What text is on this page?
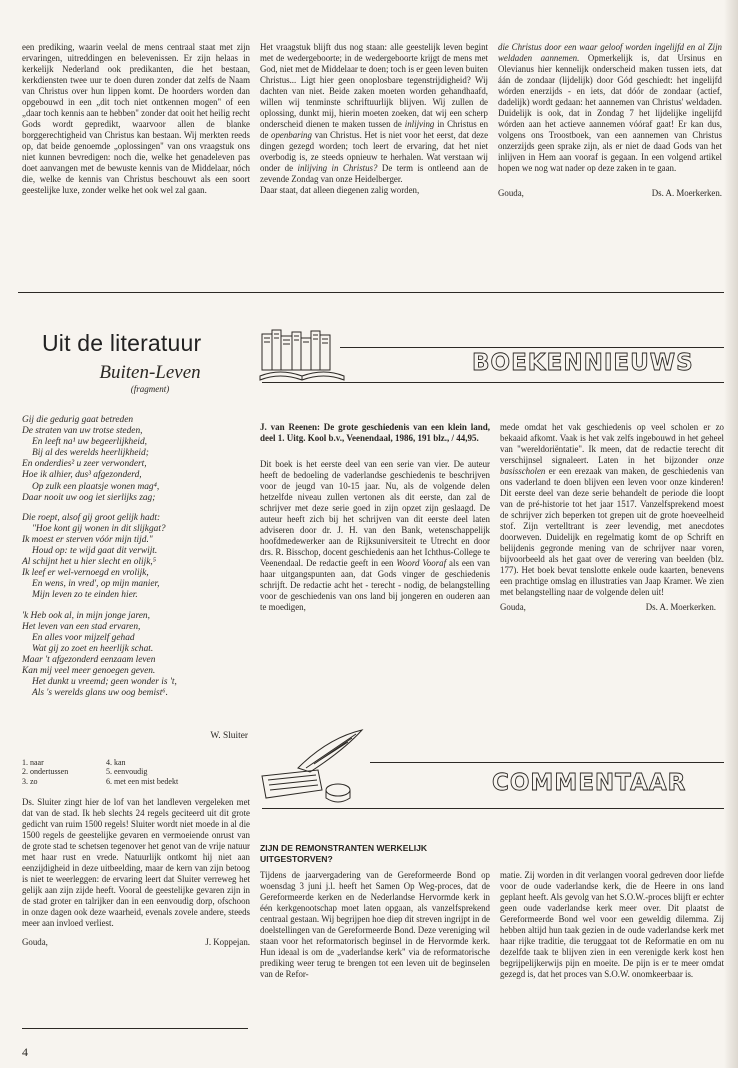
een prediking, waarin veelal de mens centraal staat met zijn ervaringen, uitreddingen en belevenissen. Er zijn helaas in kerkelijk Nederland ook predikanten, die het bestaan, kerkdiensten twee uur te doen duren zonder dat zelfs de Naam van Christus over hun lippen komt. De hoorders worden dan opgebouwd in een „dit toch niet ontkennen mogen" of een „daar toch kennis aan te hebben" zonder dat ooit het heilig recht Gods wordt gepredikt, waarvoor allen de blanke borggerechtigheid van Christus kan bestaan. Wij merkten reeds op, dat beide genoemde „oplossingen" van ons vraagstuk ons niet kunnen bevredigen: noch die, welke het genadeleven pas doet aanvangen met de bewuste kennis van de Middelaar, nóch die, welke de kennis van Christus beschouwt als een soort geestelijke luxe, zonder welke het ook wel zal gaan.

Het vraagstuk blijft dus nog staan: alle geestelijk leven begint met de wedergeboorte; in de wedergeboorte krijgt de mens met God, niet met de Middelaar te doen; toch is er geen leven buiten Christus... Ligt hier geen onoplosbare tegenstrijdigheid? Wij dachten van niet. Beide zaken moeten worden gehandhaafd, willen wij tenminste schriftuurlijk blijven. Wij zullen de oplossing, dunkt mij, hierin moeten zoeken, dat wij een scherp onderscheid dienen te maken tussen de inlijving in Christus en de openbaring van Christus. Het is niet voor het eerst, dat deze dingen gezegd worden; toch leert de ervaring, dat het niet overbodig is, ze steeds opnieuw te herhalen. Wat verstaan wij onder de inlijving in Christus? De term is ontleend aan de zevende Zondag van onze Heidelberger.

Daar staat, dat alleen diegenen zalig worden,

die Christus door een waar geloof worden ingelijfd en al Zijn weldaden aannemen. Opmerkelijk is, dat Ursinus en Olevianus hier kennelijk onderscheid maken tussen iets, dat áán de zondaar (lijdelijk) door Gód geschiedt: het ingelijfd wórden enerzijds - en iets, dat dóór de zondaar (actief, dadelijk) wordt gedaan: het aannemen van Christus' weldaden. Duidelijk is ook, dat in Zondag 7 het lijdelijke ingelijfd wórden aan het actieve aannemen vóóraf gaat! Er kan dus, volgens ons Troostboek, van een aannemen van Christus onzerzijds geen sprake zijn, als er niet de daad Gods van het inlijven in Hem aan vooraf is gegaan. In een volgend artikel hopen we nog wat nader op deze zaken in te gaan.

Gouda,	Ds. A. Moerkerken.
Uit de literatuur
Buiten-Leven
(fragment)
Gij die gedurig gaat betreden
De straten van uw trotse steden,
En leeft na¹ uw begeerlijkheid,
Bij al des werelds heerlijkheid;
En onderdies² u zeer verwondert,
Hoe ik alhier, dus³ afgezonderd,
Op zulk een plaatsje wonen mag⁴,
Daar nooit uw oog iet sierlijks zag;
Die roept, alsof gij groot gelijk hadt:
"Hoe kont gij wonen in dit slijkgat?
Ik moest er sterven vóór mijn tijd."
Houd op: te wijd gaat dit verwijt.
Al schijnt het u hier slecht en olijk,⁵
Ik leef er wel-vernoegd en vrolijk,
En wens, in vred', op mijn manier,
Mijn leven zo te einden hier.
'k Heb ook al, in mijn jonge jaren,
Het leven van een stad ervaren,
En alles voor mijzelf gehad
Wat gij zo zoet en heerlijk schat.
Maar 't afgezonderd eenzaam leven
Kan mij veel meer genoegen geven.
Het dunkt u vreemd; geen wonder is 't,
Als 's werelds glans uw oog bemist⁶.
W. Sluiter
1. naar
2. ondertussen
3. zo
4. kan
5. eenvoudig
6. met een mist bedekt

Ds. Sluiter zingt hier de lof van het landleven vergeleken met dat van de stad. Ik heb slechts 24 regels geciteerd uit dit grote gedicht van ruim 1500 regels! Sluiter wordt niet moede in al die 1500 regels de geestelijke gevaren en vermoeiende onrust van de grote stad te schetsen tegenover het genot van de vrije natuur met haar rust en vrede. Natuurlijk ontkomt hij niet aan eenzijdigheid in deze uitbeelding, maar de kern van zijn betoog is niet te weerleggen: de ervaring leert dat Sluiter verreweg het gelijk aan zijn zijde heeft. Vooral de geestelijke gevaren zijn in de stad groter en talrijker dan in een eenvoudig dorp, ofschoon in onze dagen ook deze waarheid, evenals zovele andere, steeds meer aan invloed verliest.

Gouda,	J. Koppejan.
BOEKENNIEUWS
J. van Reenen: De grote geschiedenis van een klein land, deel 1. Uitg. Kool b.v., Veenendaal, 1986, 191 blz., / 44,95.

Dit boek is het eerste deel van een serie van vier. De auteur heeft de bedoeling de vaderlandse geschiedenis te beschrijven voor de jeugd van 10-15 jaar. Nu, als de volgende delen hetzelfde niveau zullen vertonen als dit eerste, dan zal de schrijver met deze serie goed in zijn opzet zijn geslaagd. De auteur heeft zich bij het schrijven van dit eerste deel laten adviseren door dr. J. H. van den Bank, wetenschappelijk hoofdmedewerker aan de Rijksuniversiteit te Utrecht en door drs. R. Bisschop, docent geschiedenis aan het Ichthus-College te Veenendaal. De redactie geeft in een Woord Vooraf als een van haar uitgangspunten aan, dat Gods vinger de geschiedenis schrijft. De redactie acht het - terecht - nodig, de belangstelling voor de geschiedenis van ons land bij jongeren en ouderen aan te moedigen,

mede omdat het vak geschiedenis op veel scholen er zo bekaaid afkomt. Vaak is het vak zelfs ingebouwd in het geheel van "wereldoriëntatie". Ik meen, dat de redactie terecht dit verschijnsel signaleert. Laten in het bijzonder onze basisscholen er een erezaak van maken, de geschiedenis van ons vaderland te doen blijven een leven voor onze kinderen! Dit eerste deel van deze serie behandelt de periode die loopt van de pré-historie tot het jaar 1517. Vanzelfsprekend moest de schrijver zich beperken tot grepen uit de grote hoeveelheid stof. Zijn vertelltrant is zeer levendig, met anecdotes doorweven. Duidelijk en regelmatig komt de op Schrift en belijdenis gegronde mening van de schrijver naar voren, bijvoorbeeld als het gaat over de verering van beelden (blz. 177). Het boek bevat tenslotte enkele oude kaarten, benevens een prachtige omslag en illustraties van Jaap Kramer. We zien met belangstelling naar de volgende delen uit!

Gouda,	Ds. A. Moerkerken.
COMMENTAAR
ZIJN DE REMONSTRANTEN WERKELIJK UITGESTORVEN?

Tijdens de jaarvergadering van de Gereformeerde Bond op woensdag 3 juni j.l. heeft het Samen Op Weg-proces, dat de Gereformeerde kerken en de Nederlandse Hervormde kerk in één kerkgenootschap moet laten opgaan, als vanzelfsprekend centraal gestaan. Wij begrijpen hoe diep dit streven ingrijpt in de doelstellingen van de Gereformeerde Bond. Deze vereniging wil staan voor het reformatorisch beginsel in de Hervormde kerk. Hun ideaal is om de „vaderlandse kerk" via de reformatorische prediking weer terug te brengen tot een leven uit de beginselen van de Refor-

matie. Zij worden in dit verlangen vooral gedreven door liefde voor de oude vaderlandse kerk, die de Heere in ons land geplant heeft. Als gevolg van het S.O.W.-proces blijft er echter geen oude vaderlandse kerk meer over. Dit plaatst de Gereformeerde Bond wel voor een geweldig dilemma. Zij hebben altijd hun taak gezien in de oude vaderlandse kerk met haar rijke traditie, die teruggaat tot de Reformatie en om nu dezelfde taak te blijven zien in een verenigde kerk kost hen begrijpelijkerwijs pijn en moeite. De pijn is er te meer omdat gezegd is, dat het proces van S.O.W. onomkeerbaar is.

4
